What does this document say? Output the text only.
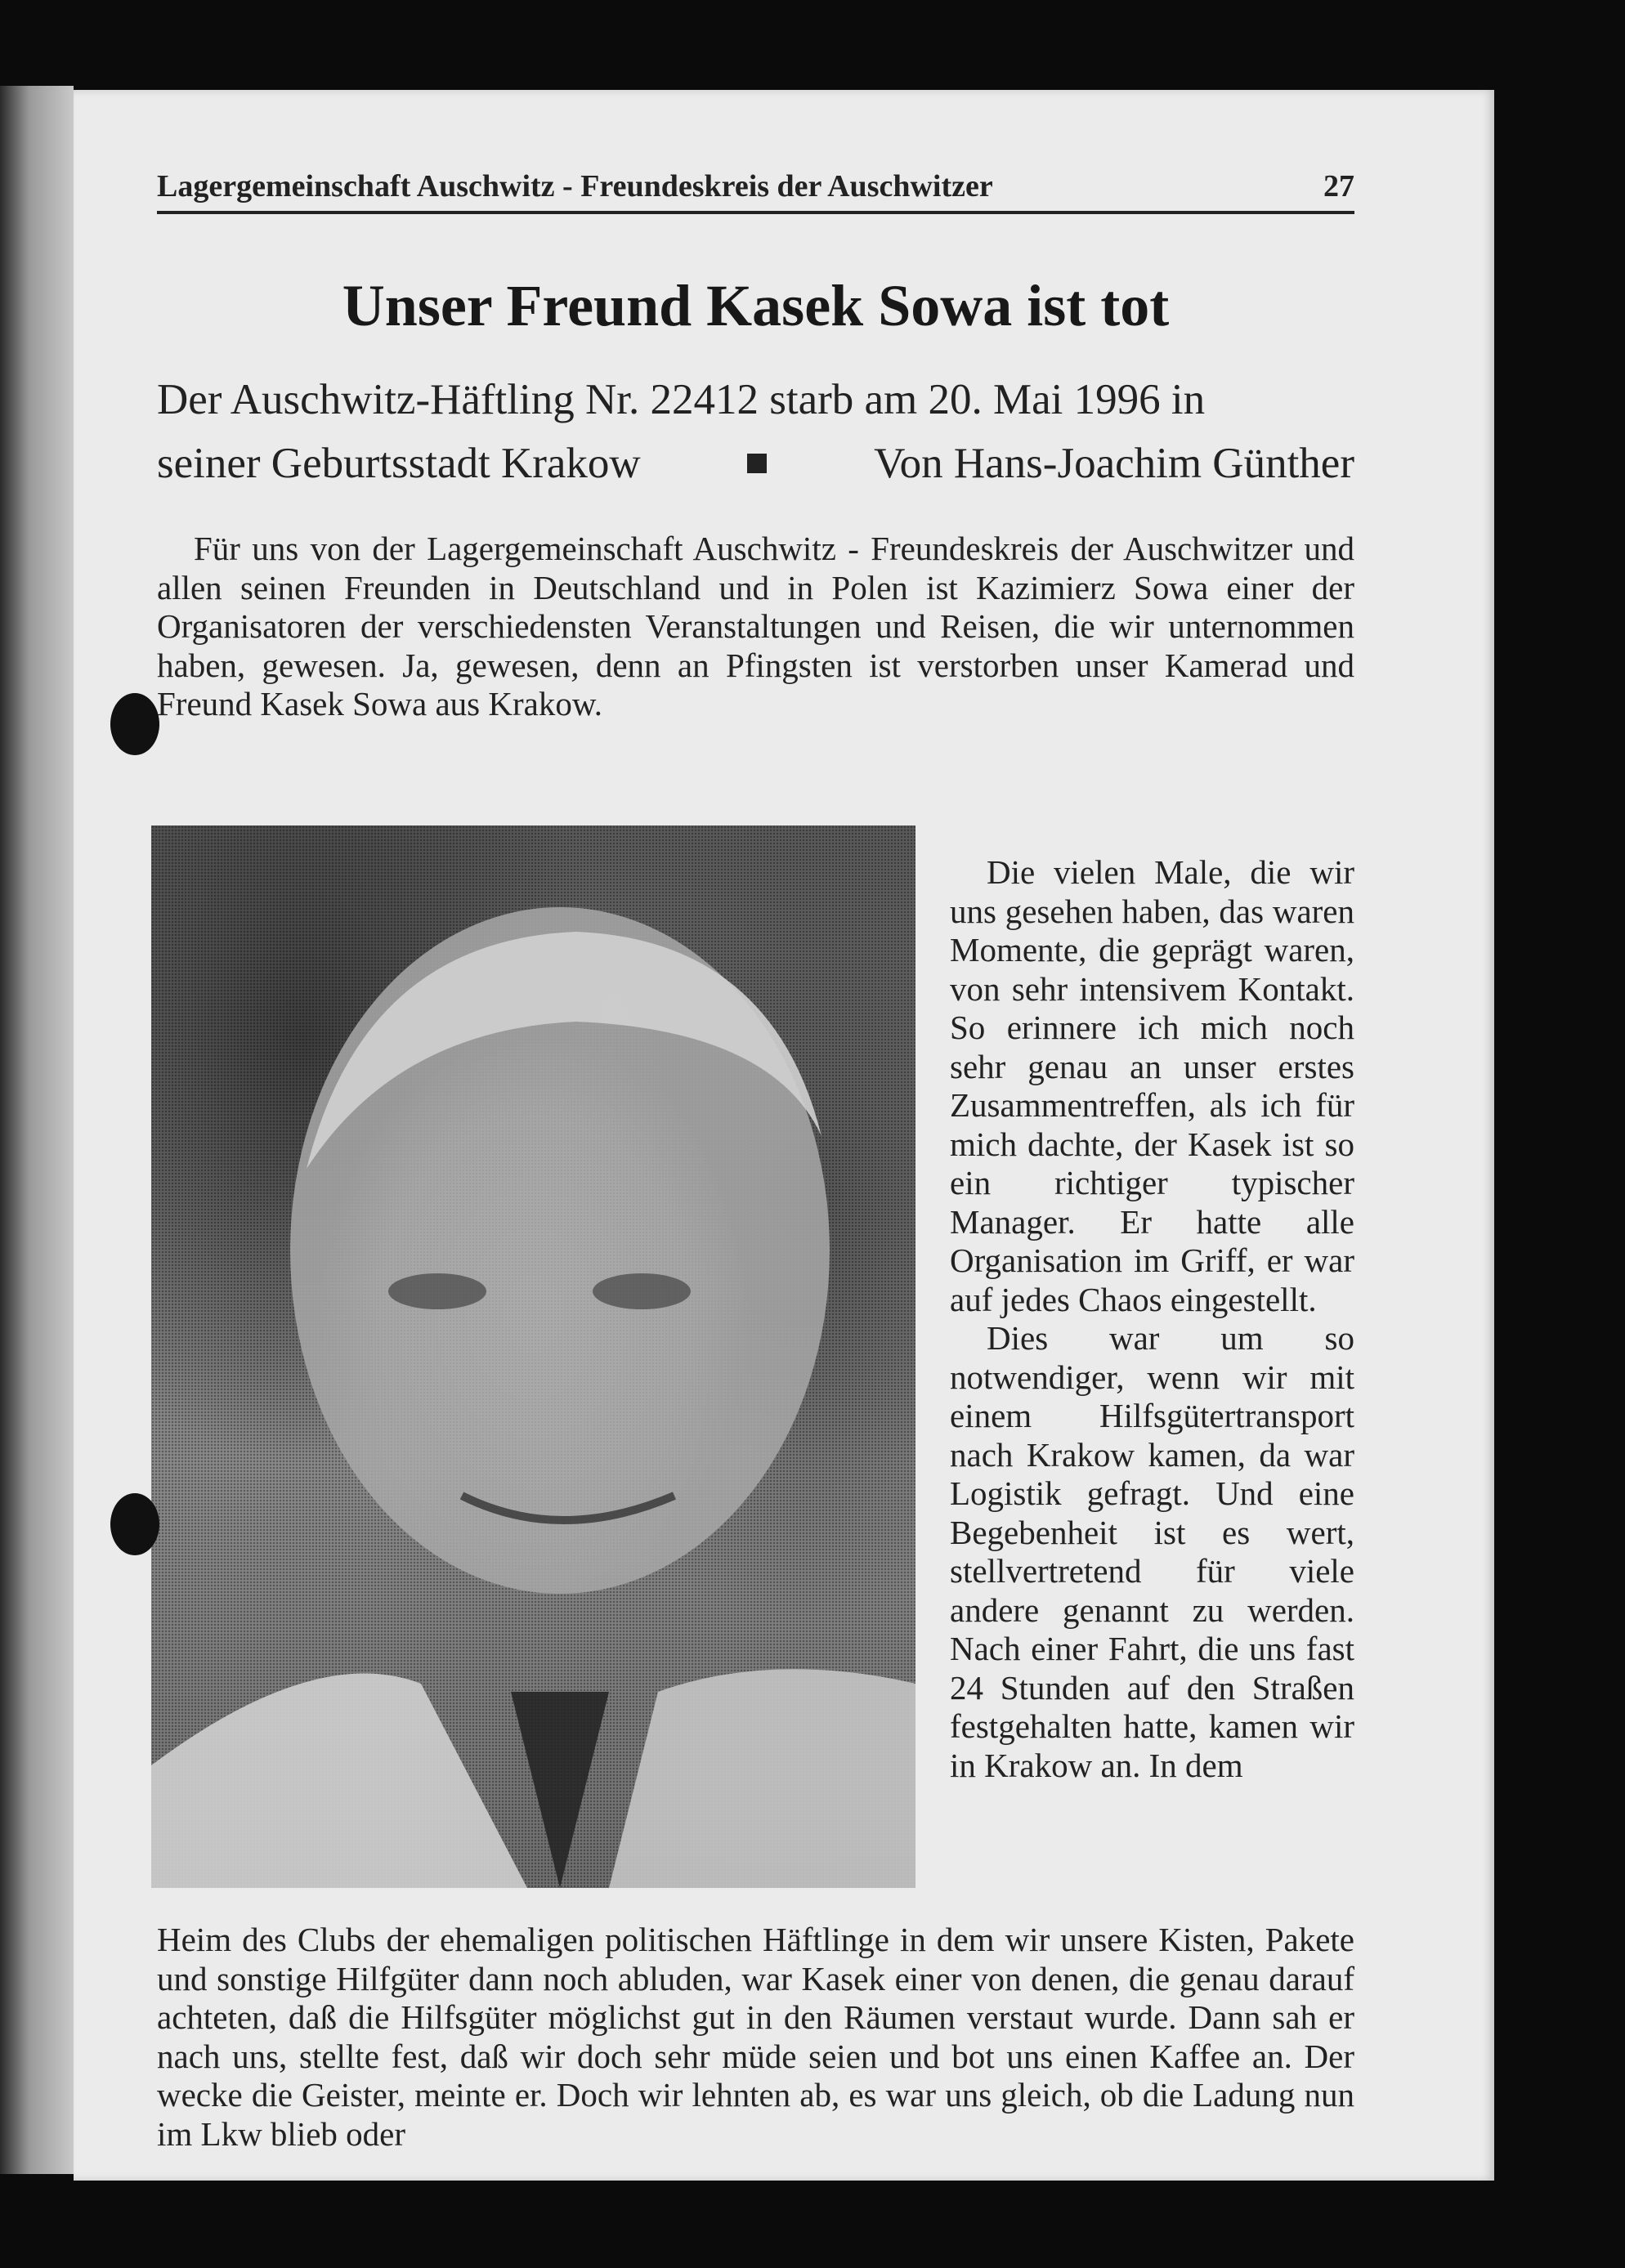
Lagergemeinschaft Auschwitz - Freundeskreis der Auschwitzer	27
Unser Freund Kasek Sowa ist tot
Der Auschwitz-Häftling Nr. 22412 starb am 20. Mai 1996 in
seiner Geburtsstadt Krakow	Von Hans-Joachim Günther

Für uns von der Lagergemeinschaft Auschwitz - Freundeskreis der Auschwitzer und allen seinen Freunden in Deutschland und in Polen ist Kazimierz Sowa einer der Organisatoren der verschiedensten Veranstaltungen und Reisen, die wir unternommen haben, gewesen. Ja, gewesen, denn an Pfingsten ist verstorben unser Kamerad und Freund Kasek Sowa aus Krakow.

Die vielen Male, die wir uns gesehen haben, das waren Momente, die geprägt waren, von sehr intensivem Kontakt. So erinnere ich mich noch sehr genau an unser erstes Zusammentreffen, als ich für mich dachte, der Kasek ist so ein richtiger typischer Manager. Er hatte alle Organisation im Griff, er war auf jedes Chaos eingestellt.

Dies war um so notwendiger, wenn wir mit einem Hilfsgütertransport nach Krakow kamen, da war Logistik gefragt. Und eine Begebenheit ist es wert, stellvertretend für viele andere genannt zu werden. Nach einer Fahrt, die uns fast 24 Stunden auf den Straßen festgehalten hatte, kamen wir in Krakow an. In dem

Heim des Clubs der ehemaligen politischen Häftlinge in dem wir unsere Kisten, Pakete und sonstige Hilfgüter dann noch abluden, war Kasek einer von denen, die genau darauf achteten, daß die Hilfsgüter möglichst gut in den Räumen verstaut wurde. Dann sah er nach uns, stellte fest, daß wir doch sehr müde seien und bot uns einen Kaffee an. Der wecke die Geister, meinte er. Doch wir lehnten ab, es war uns gleich, ob die Ladung nun im Lkw blieb oder
